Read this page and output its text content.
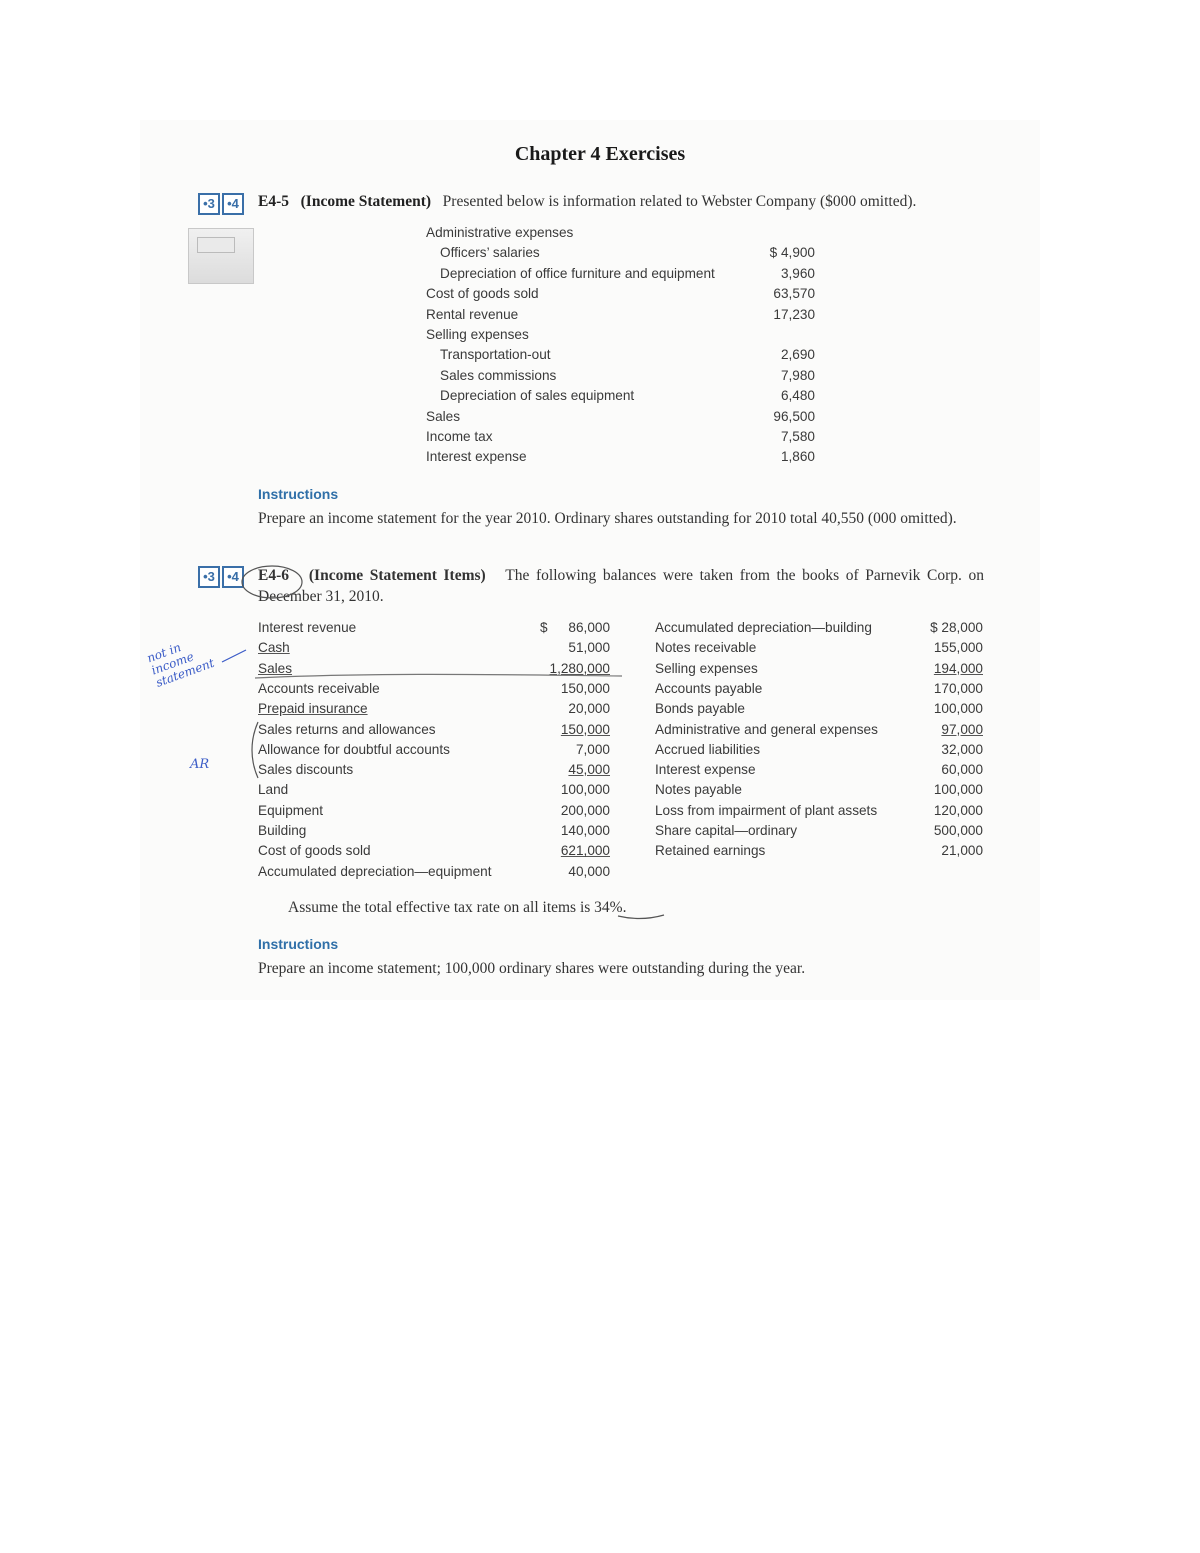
Chapter 4 Exercises
•3 •4	E4-5 (Income Statement) Presented below is information related to Webster Company ($000 omitted).
Administrative expenses
Officers’ salaries	$ 4,900
Depreciation of office furniture and equipment	3,960
Cost of goods sold	63,570
Rental revenue	17,230
Selling expenses
Transportation-out	2,690
Sales commissions	7,980
Depreciation of sales equipment	6,480
Sales	96,500
Income tax	7,580
Interest expense	1,860
Instructions
Prepare an income statement for the year 2010. Ordinary shares outstanding for 2010 total 40,550 (000 omitted).
•3 •4	E4-6 (Income Statement Items) The following balances were taken from the books of Parnevik Corp. on December 31, 2010.
Interest revenue	$	86,000
Cash	51,000
Sales	1,280,000
Accounts receivable	150,000
Prepaid insurance	20,000
Sales returns and allowances	150,000
Allowance for doubtful accounts	7,000
Sales discounts	45,000
Land	100,000
Equipment	200,000
Building	140,000
Cost of goods sold	621,000
Accumulated depreciation—equipment	40,000
Accumulated depreciation—building	$ 28,000
Notes receivable	155,000
Selling expenses	194,000
Accounts payable	170,000
Bonds payable	100,000
Administrative and general expenses	97,000
Accrued liabilities	32,000
Interest expense	60,000
Notes payable	100,000
Loss from impairment of plant assets	120,000
Share capital—ordinary	500,000
Retained earnings	21,000
Assume the total effective tax rate on all items is 34%.
Instructions
Prepare an income statement; 100,000 ordinary shares were outstanding during the year.
not in income statement
AR
